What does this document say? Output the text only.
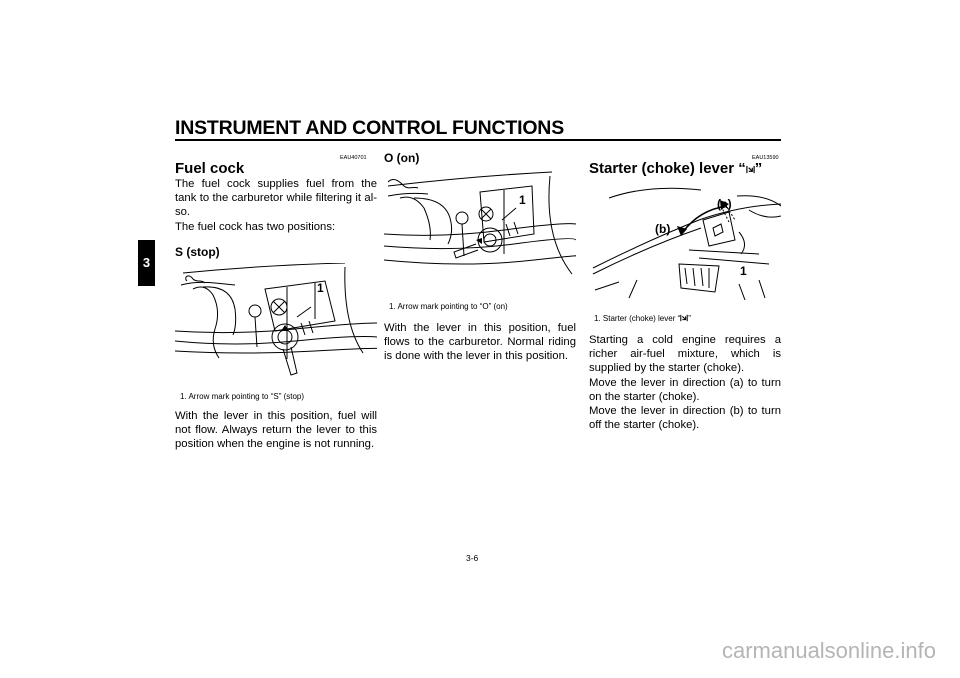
INSTRUMENT AND CONTROL FUNCTIONS
3
EAU40701
Fuel cock
The fuel cock supplies fuel from the tank to the carburetor while filtering it al-so.
The fuel cock has two positions:
S (stop)
1
1. Arrow mark pointing to “S” (stop)
With the lever in this position, fuel will not flow. Always return the lever to this position when the engine is not running.
O (on)
1
1. Arrow mark pointing to “O” (on)
With the lever in this position, fuel flows to the carburetor. Normal riding is done with the lever in this position.
EAU13590
Starter (choke) lever “ ”
(a)
(b)
1
1. Starter (choke) lever “ ”
Starting a cold engine requires a richer air-fuel mixture, which is supplied by the starter (choke).
Move the lever in direction (a) to turn on the starter (choke).
Move the lever in direction (b) to turn off the starter (choke).
3-6
carmanualsonline.info
